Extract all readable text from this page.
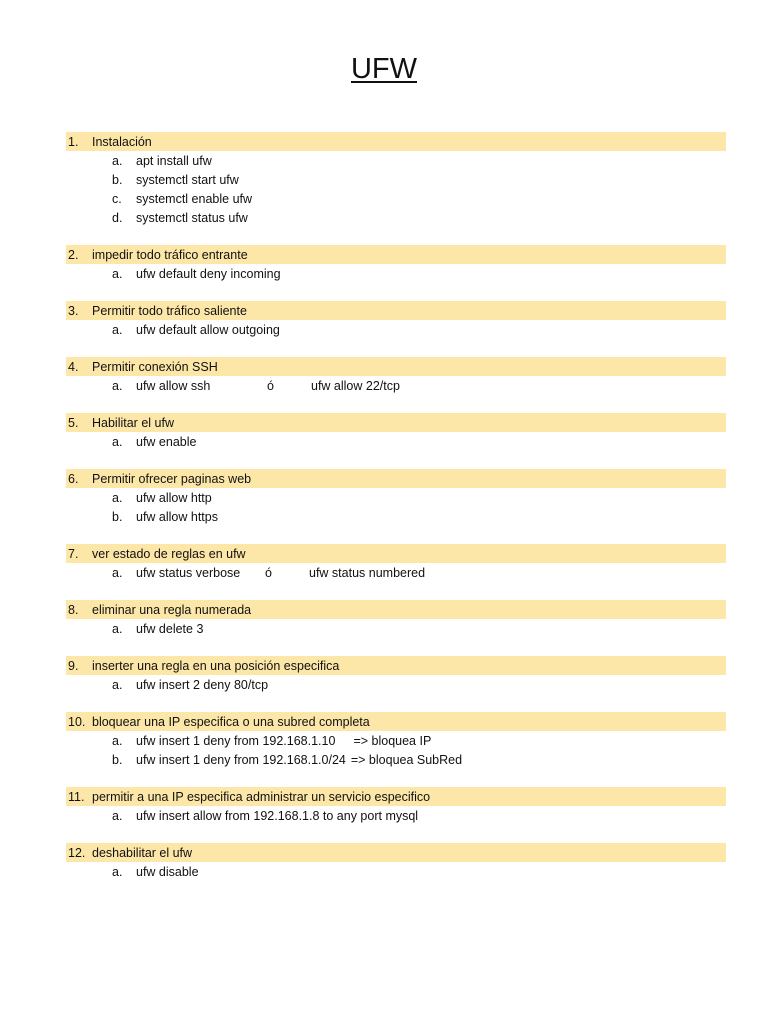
UFW
1.	Instalación
a.	apt install ufw
b.	systemctl start ufw
c.	systemctl enable ufw
d.	systemctl status ufw
2.	impedir todo tráfico entrante
a.	ufw default deny incoming
3.	Permitir todo tráfico saliente
a.	ufw default allow outgoing
4.	Permitir conexión SSH
a.	ufw allow ssh	ó	ufw allow 22/tcp
5.	Habilitar el ufw
a.	ufw enable
6.	Permitir ofrecer paginas web
a.	ufw allow http
b.	ufw allow https
7.	ver estado de reglas en ufw
a.	ufw status verbose	ó	ufw status numbered
8.	eliminar una regla numerada
a.	ufw delete 3
9.	inserter una regla en una posición especifica
a.	ufw insert 2 deny 80/tcp
10. bloquear una IP especifica o una subred completa
a.	ufw insert 1 deny from 192.168.1.10 => bloquea IP
b.	ufw insert 1 deny from 192.168.1.0/24 => bloquea SubRed
11. permitir a una IP especifica administrar un servicio especifico
a.	ufw insert allow from 192.168.1.8 to any port mysql
12. deshabilitar el ufw
a.	ufw disable
